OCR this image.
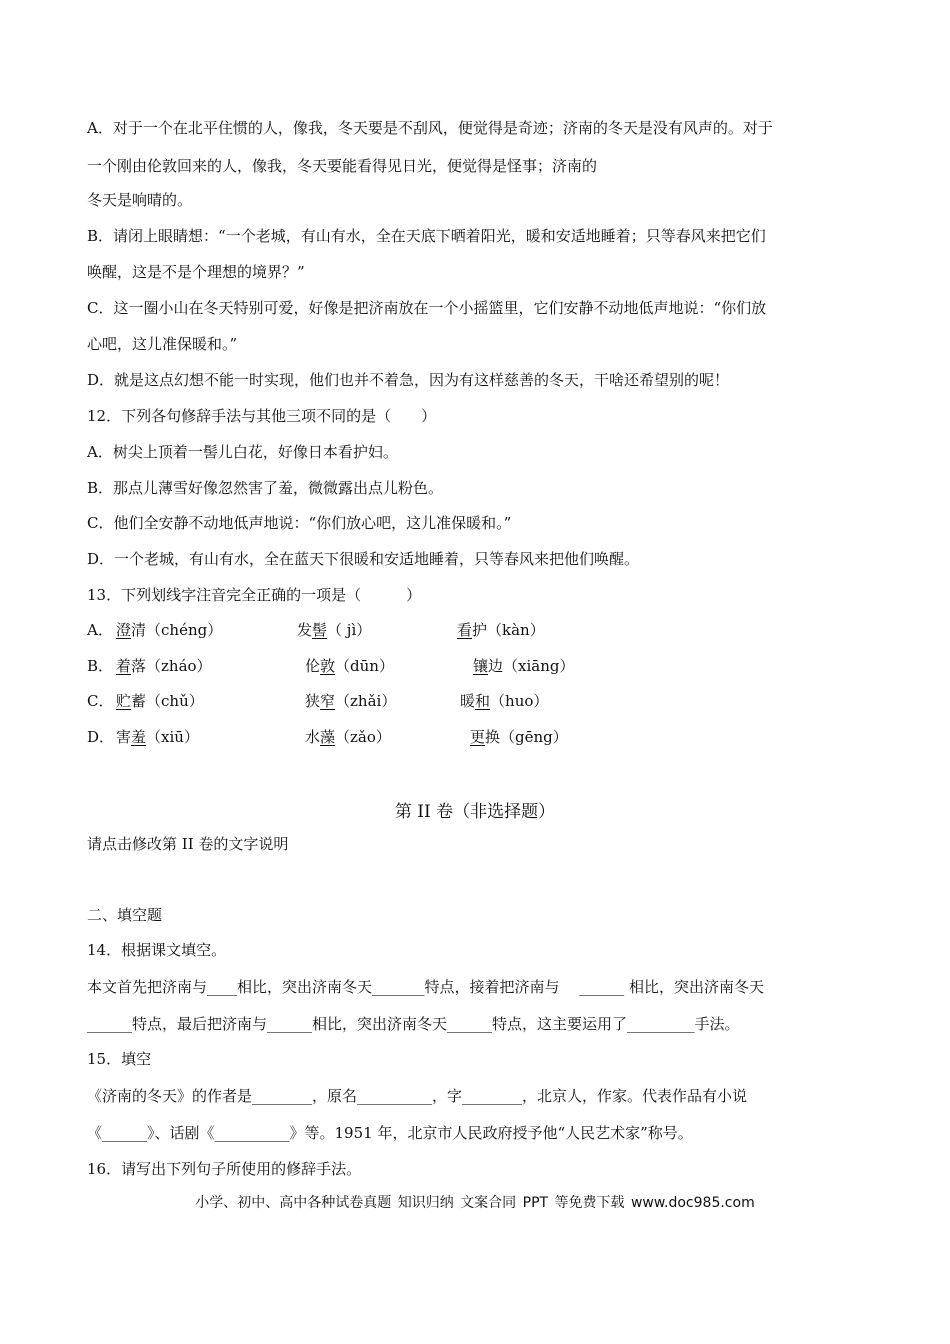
A．对于一个在北平住惯的人，像我，冬天要是不刮风，便觉得是奇迹；济南的冬天是没有风声的。对于
一个刚由伦敦回来的人，像我，冬天要能看得见日光，便觉得是怪事；济南的
冬天是响晴的。
B．请闭上眼睛想：“一个老城，有山有水，全在天底下晒着阳光，暖和安适地睡着；只等春风来把它们
唤醒，这是不是个理想的境界？”
C．这一圈小山在冬天特别可爱，好像是把济南放在一个小摇篮里，它们安静不动地低声地说：“你们放
心吧，这儿准保暖和。”
D．就是这点幻想不能一时实现，他们也并不着急，因为有这样慈善的冬天，干啥还希望别的呢！
12．下列各句修辞手法与其他三项不同的是（　　）
A．树尖上顶着一髻儿白花，好像日本看护妇。
B．那点儿薄雪好像忽然害了羞，微微露出点儿粉色。
C．他们全安静不动地低声地说：“你们放心吧，这儿准保暖和。”
D．一个老城，有山有水，全在蓝天下很暖和安适地睡着，只等春风来把他们唤醒。
13．下列划线字注音完全正确的一项是（　　　）
A． 澄清（chéng）	发髻（ jì）	看护（kàn）
B． 着落（zháo）	伦敦（dūn）	镶边（xiāng）
C． 贮蓄（chǔ）	狭窄（zhǎi）	暖和（huo）
D． 害羞（xiū）	水藻（zǎo）	更换（gēng）
第 II 卷（非选择题）
请点击修改第 II 卷的文字说明
二、填空题
14．根据课文填空。
本文首先把济南与____相比，突出济南冬天_______特点，接着把济南与　 ______ 相比，突出济南冬天
______特点，最后把济南与______相比，突出济南冬天______特点，这主要运用了_________手法。
15．填空
《济南的冬天》的作者是________，原名__________，字________，北京人，作家。代表作品有小说
《______》、话剧《__________》等。1951 年，北京市人民政府授予他“人民艺术家”称号。
16．请写出下列句子所使用的修辞手法。
小学、初中、高中各种试卷真题 知识归纳 文案合同 PPT 等免费下载 www.doc985.com
